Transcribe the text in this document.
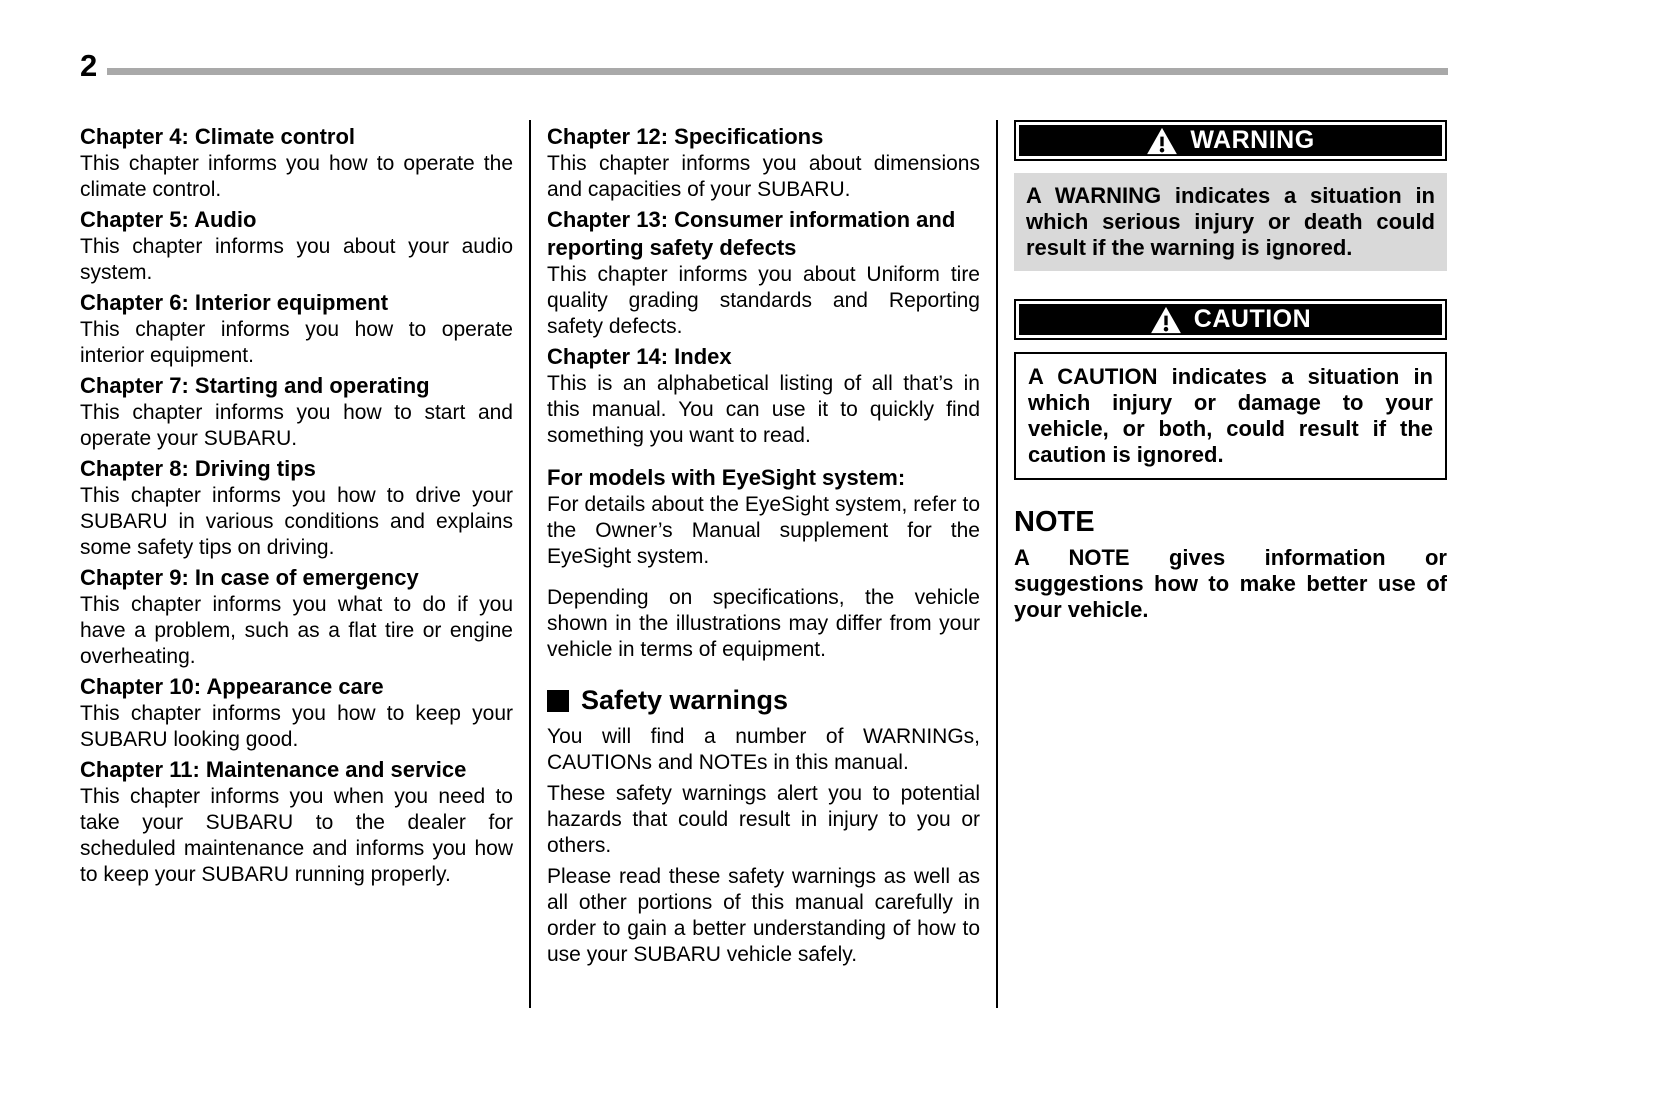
2
Chapter 4: Climate control

This chapter informs you how to operate the climate control.

Chapter 5: Audio

This chapter informs you about your audio system.

Chapter 6: Interior equipment

This chapter informs you how to operate interior equipment.

Chapter 7: Starting and operating

This chapter informs you how to start and operate your SUBARU.

Chapter 8: Driving tips

This chapter informs you how to drive your SUBARU in various conditions and explains some safety tips on driving.

Chapter 9: In case of emergency

This chapter informs you what to do if you have a problem, such as a flat tire or engine overheating.

Chapter 10: Appearance care

This chapter informs you how to keep your SUBARU looking good.

Chapter 11: Maintenance and service

This chapter informs you when you need to take your SUBARU to the dealer for scheduled maintenance and informs you how to keep your SUBARU running properly.

Chapter 12: Specifications

This chapter informs you about dimensions and capacities of your SUBARU.

Chapter 13: Consumer information and reporting safety defects

This chapter informs you about Uniform tire quality grading standards and Reporting safety defects.

Chapter 14: Index

This is an alphabetical listing of all that’s in this manual. You can use it to quickly find something you want to read.

For models with EyeSight system:

For details about the EyeSight system, refer to the Owner’s Manual supplement for the EyeSight system.

Depending on specifications, the vehicle shown in the illustrations may differ from your vehicle in terms of equipment.

Safety warnings

You will find a number of WARNINGs, CAUTIONs and NOTEs in this manual.

These safety warnings alert you to potential hazards that could result in injury to you or others.

Please read these safety warnings as well as all other portions of this manual carefully in order to gain a better understanding of how to use your SUBARU vehicle safely.

WARNING
A WARNING indicates a situation in which serious injury or death could result if the warning is ignored.
CAUTION
A CAUTION indicates a situation in which injury or damage to your vehicle, or both, could result if the caution is ignored.
NOTE

A NOTE gives information or suggestions how to make better use of your vehicle.
